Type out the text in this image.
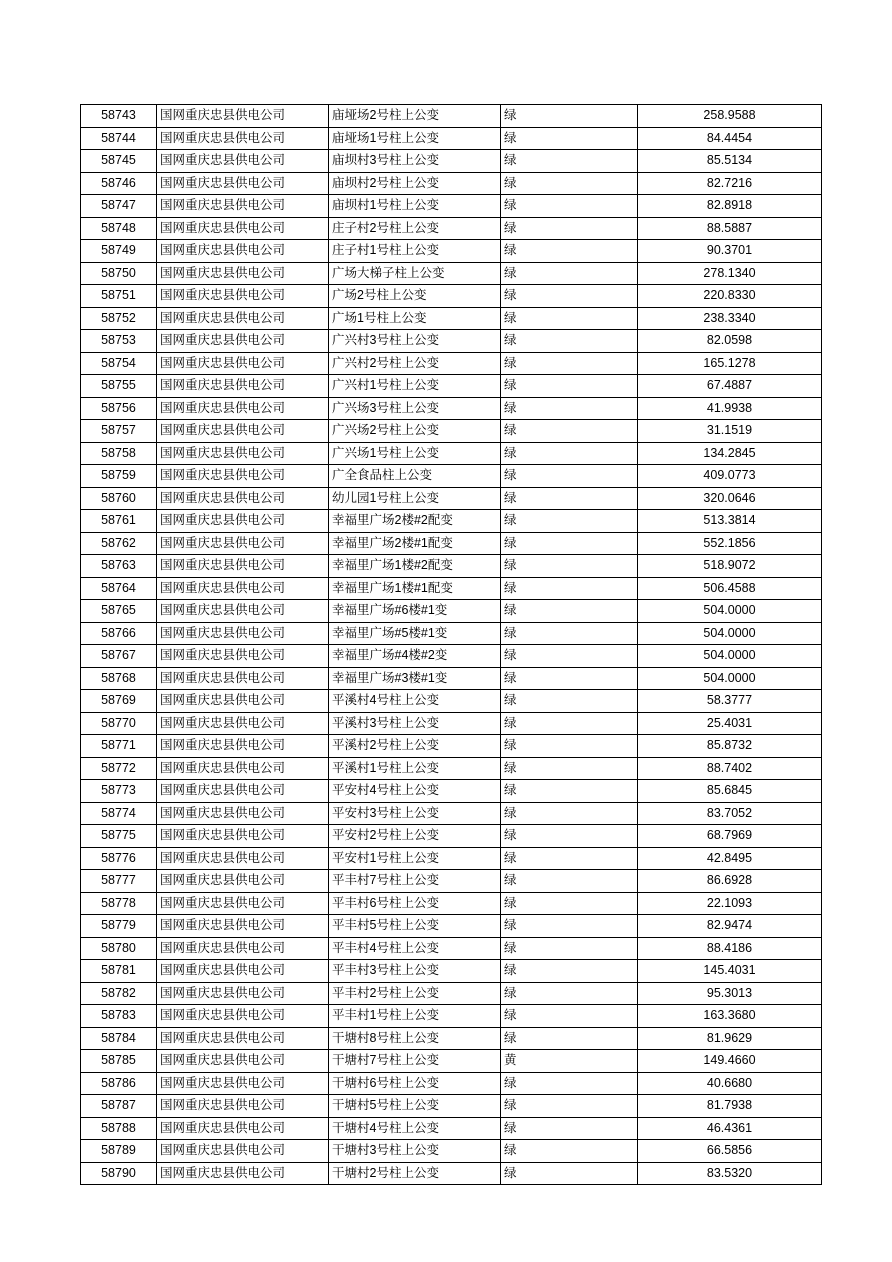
58743	国网重庆忠县供电公司	庙垭场2号柱上公变	绿	258.9588
58744	国网重庆忠县供电公司	庙垭场1号柱上公变	绿	84.4454
58745	国网重庆忠县供电公司	庙坝村3号柱上公变	绿	85.5134
58746	国网重庆忠县供电公司	庙坝村2号柱上公变	绿	82.7216
58747	国网重庆忠县供电公司	庙坝村1号柱上公变	绿	82.8918
58748	国网重庆忠县供电公司	庄子村2号柱上公变	绿	88.5887
58749	国网重庆忠县供电公司	庄子村1号柱上公变	绿	90.3701
58750	国网重庆忠县供电公司	广场大梯子柱上公变	绿	278.1340
58751	国网重庆忠县供电公司	广场2号柱上公变	绿	220.8330
58752	国网重庆忠县供电公司	广场1号柱上公变	绿	238.3340
58753	国网重庆忠县供电公司	广兴村3号柱上公变	绿	82.0598
58754	国网重庆忠县供电公司	广兴村2号柱上公变	绿	165.1278
58755	国网重庆忠县供电公司	广兴村1号柱上公变	绿	67.4887
58756	国网重庆忠县供电公司	广兴场3号柱上公变	绿	41.9938
58757	国网重庆忠县供电公司	广兴场2号柱上公变	绿	31.1519
58758	国网重庆忠县供电公司	广兴场1号柱上公变	绿	134.2845
58759	国网重庆忠县供电公司	广全食品柱上公变	绿	409.0773
58760	国网重庆忠县供电公司	幼儿园1号柱上公变	绿	320.0646
58761	国网重庆忠县供电公司	幸福里广场2楼#2配变	绿	513.3814
58762	国网重庆忠县供电公司	幸福里广场2楼#1配变	绿	552.1856
58763	国网重庆忠县供电公司	幸福里广场1楼#2配变	绿	518.9072
58764	国网重庆忠县供电公司	幸福里广场1楼#1配变	绿	506.4588
58765	国网重庆忠县供电公司	幸福里广场#6楼#1变	绿	504.0000
58766	国网重庆忠县供电公司	幸福里广场#5楼#1变	绿	504.0000
58767	国网重庆忠县供电公司	幸福里广场#4楼#2变	绿	504.0000
58768	国网重庆忠县供电公司	幸福里广场#3楼#1变	绿	504.0000
58769	国网重庆忠县供电公司	平溪村4号柱上公变	绿	58.3777
58770	国网重庆忠县供电公司	平溪村3号柱上公变	绿	25.4031
58771	国网重庆忠县供电公司	平溪村2号柱上公变	绿	85.8732
58772	国网重庆忠县供电公司	平溪村1号柱上公变	绿	88.7402
58773	国网重庆忠县供电公司	平安村4号柱上公变	绿	85.6845
58774	国网重庆忠县供电公司	平安村3号柱上公变	绿	83.7052
58775	国网重庆忠县供电公司	平安村2号柱上公变	绿	68.7969
58776	国网重庆忠县供电公司	平安村1号柱上公变	绿	42.8495
58777	国网重庆忠县供电公司	平丰村7号柱上公变	绿	86.6928
58778	国网重庆忠县供电公司	平丰村6号柱上公变	绿	22.1093
58779	国网重庆忠县供电公司	平丰村5号柱上公变	绿	82.9474
58780	国网重庆忠县供电公司	平丰村4号柱上公变	绿	88.4186
58781	国网重庆忠县供电公司	平丰村3号柱上公变	绿	145.4031
58782	国网重庆忠县供电公司	平丰村2号柱上公变	绿	95.3013
58783	国网重庆忠县供电公司	平丰村1号柱上公变	绿	163.3680
58784	国网重庆忠县供电公司	干塘村8号柱上公变	绿	81.9629
58785	国网重庆忠县供电公司	干塘村7号柱上公变	黄	149.4660
58786	国网重庆忠县供电公司	干塘村6号柱上公变	绿	40.6680
58787	国网重庆忠县供电公司	干塘村5号柱上公变	绿	81.7938
58788	国网重庆忠县供电公司	干塘村4号柱上公变	绿	46.4361
58789	国网重庆忠县供电公司	干塘村3号柱上公变	绿	66.5856
58790	国网重庆忠县供电公司	干塘村2号柱上公变	绿	83.5320
